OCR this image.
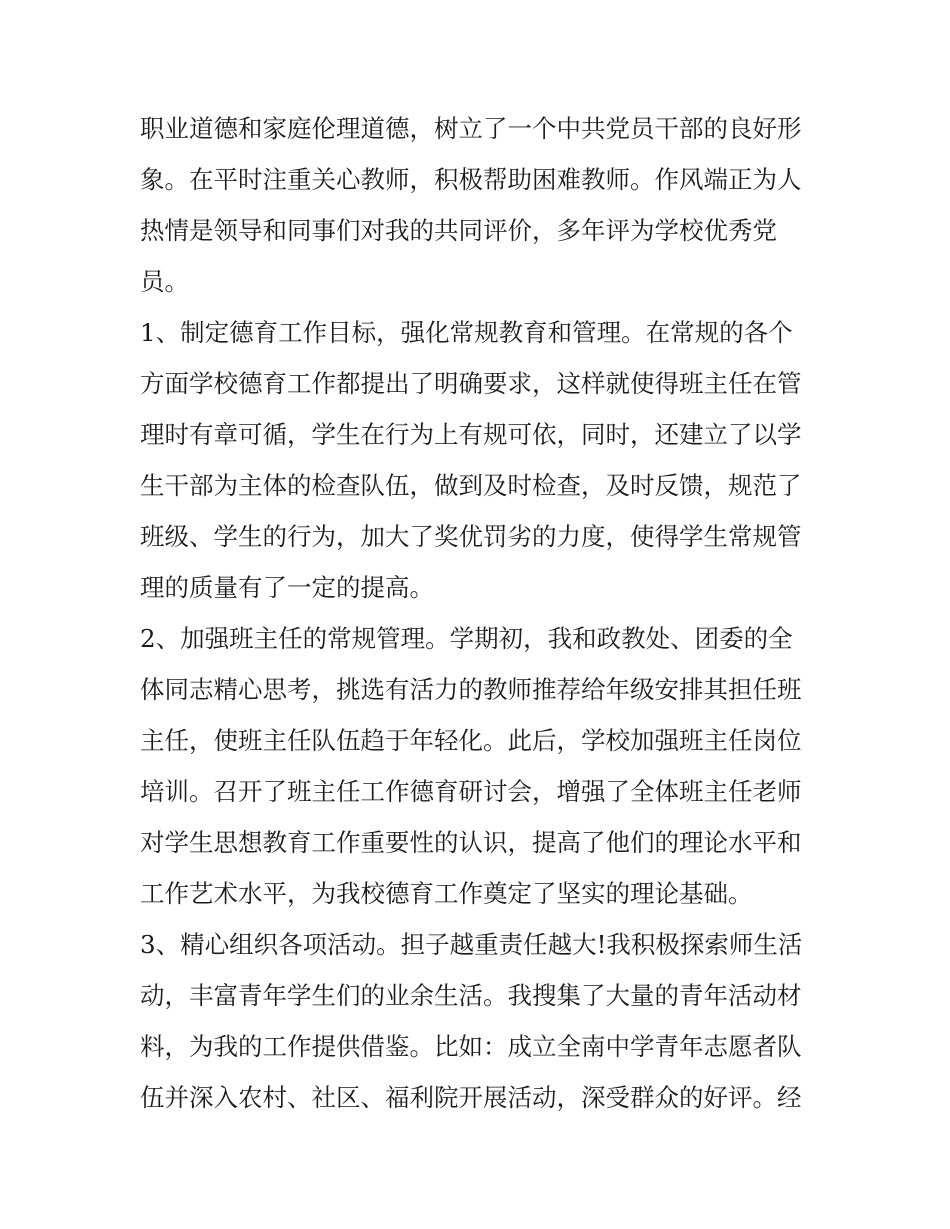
职业道德和家庭伦理道德，树立了一个中共党员干部的良好形
象。在平时注重关心教师，积极帮助困难教师。作风端正为人
热情是领导和同事们对我的共同评价，多年评为学校优秀党
员。
1、制定德育工作目标，强化常规教育和管理。在常规的各个
方面学校德育工作都提出了明确要求，这样就使得班主任在管
理时有章可循，学生在行为上有规可依，同时，还建立了以学
生干部为主体的检查队伍，做到及时检查，及时反馈，规范了
班级、学生的行为，加大了奖优罚劣的力度，使得学生常规管
理的质量有了一定的提高。
2、加强班主任的常规管理。学期初，我和政教处、团委的全
体同志精心思考，挑选有活力的教师推荐给年级安排其担任班
主任，使班主任队伍趋于年轻化。此后，学校加强班主任岗位
培训。召开了班主任工作德育研讨会，增强了全体班主任老师
对学生思想教育工作重要性的认识，提高了他们的理论水平和
工作艺术水平，为我校德育工作奠定了坚实的理论基础。
3、精心组织各项活动。担子越重责任越大!我积极探索师生活
动，丰富青年学生们的业余生活。我搜集了大量的青年活动材
料，为我的工作提供借鉴。比如：成立全南中学青年志愿者队
伍并深入农村、社区、福利院开展活动，深受群众的好评。经
